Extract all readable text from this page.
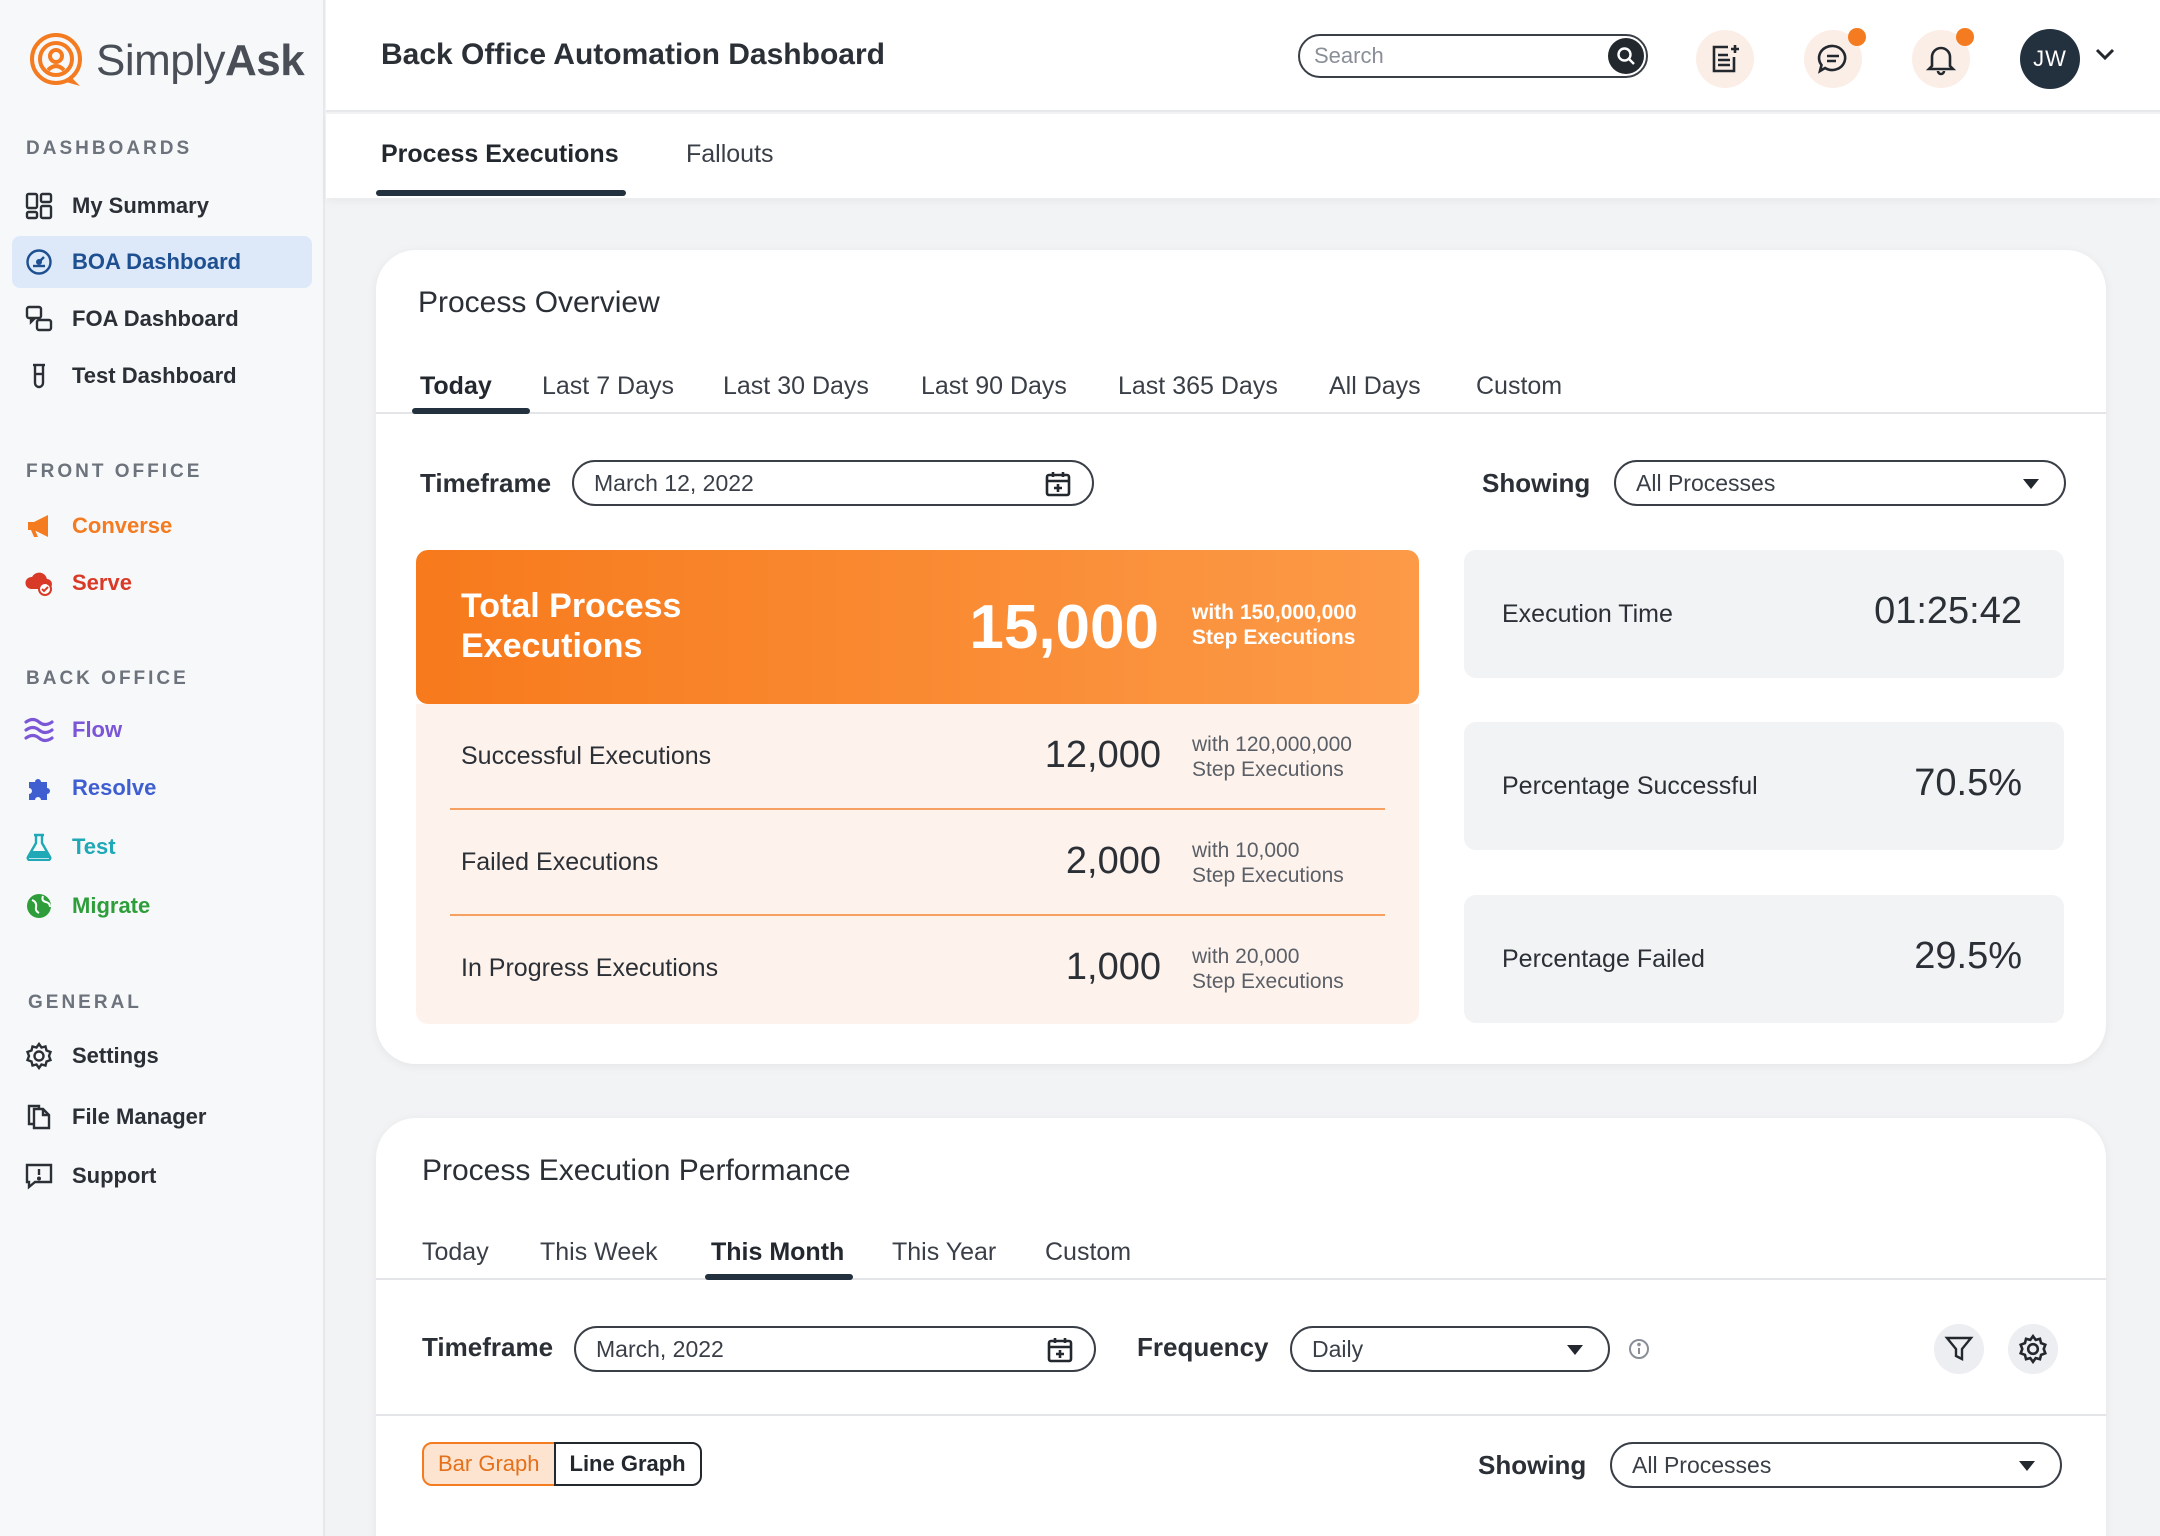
SimplyAsk
DASHBOARDS
My Summary
BOA Dashboard
FOA Dashboard
Test Dashboard
FRONT OFFICE
Converse
Serve
BACK OFFICE
Flow
Resolve
Test
Migrate
GENERAL
Settings
File Manager
Support
Back Office Automation Dashboard
Search	JW
Process Executions	Fallouts
Process Overview
Today Last 7 Days Last 30 Days Last 90 Days Last 365 Days All Days Custom
Timeframe March 12, 2022	Showing All Processes
Total Process Executions	15,000 with 150,000,000
Step Executions
Successful Executions	12,000 with 120,000,000
Step Executions
Failed Executions	2,000 with 10,000
Step Executions
In Progress Executions	1,000 with 20,000
Step Executions
Execution Time	01:25:42
Percentage Successful	70.5%
Percentage Failed	29.5%
Process Execution Performance
Today This Week This Month This Year Custom
Timeframe March, 2022	Frequency Daily
Bar Graph	Line Graph	Showing All Processes
